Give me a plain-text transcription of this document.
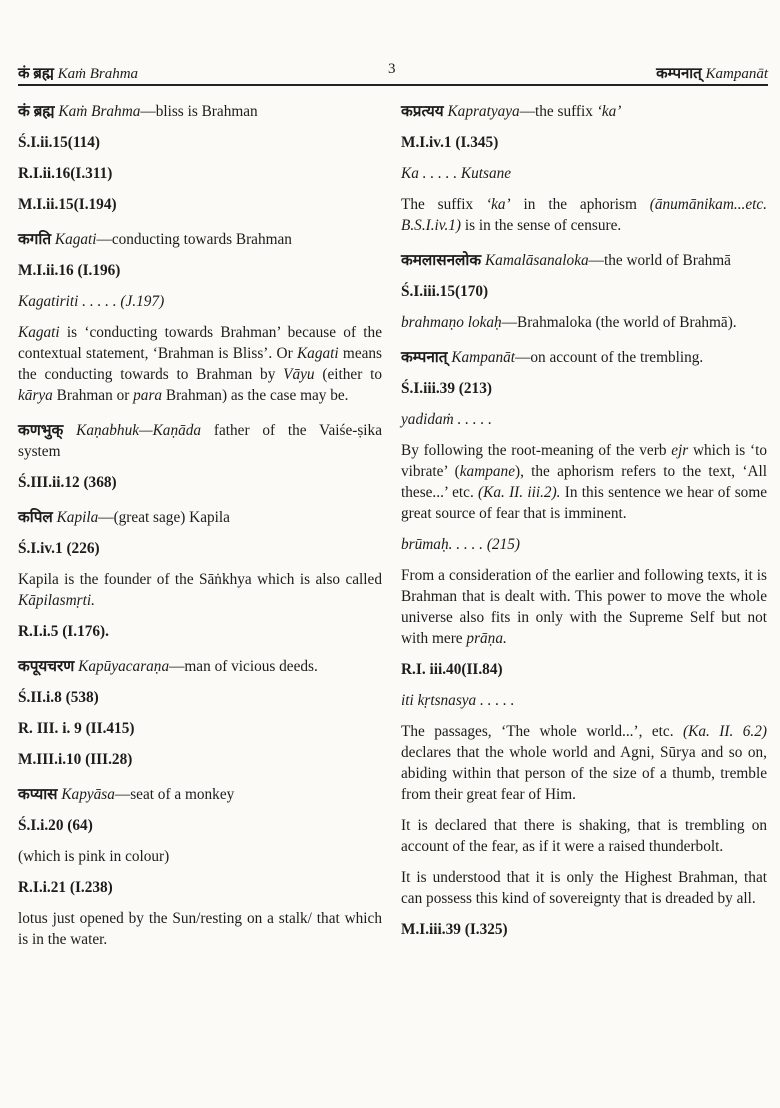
कं ब्रह्म Kaṁ Brahma	3	कम्पनात् Kampanāt

कं ब्रह्म Kaṁ Brahma—bliss is Brahman

Ś.I.ii.15(114)

R.I.ii.16(I.311)

M.I.ii.15(I.194)

कगति Kagati—conducting towards Brahman

M.I.ii.16 (I.196)

Kagatiriti . . . . . (J.197)

Kagati is ‘conducting towards Brahman’ because of the contextual statement, ‘Brahman is Bliss’. Or Kagati means the conducting towards to Brahman by Vāyu (either to kārya Brahman or para Brahman) as the case may be.

कणभुक् Kaṇabhuk—Kaṇāda father of the Vaiśe-ṣika system

Ś.III.ii.12 (368)

कपिल Kapila—(great sage) Kapila

Ś.I.iv.1 (226)

Kapila is the founder of the Sāṅkhya which is also called Kāpilasmṛti.

R.I.i.5 (I.176).

कपूयचरण Kapūyacaraṇa—man of vicious deeds.

Ś.II.i.8 (538)

R. III. i. 9 (II.415)

M.III.i.10 (III.28)

कप्यास Kapyāsa—seat of a monkey

Ś.I.i.20 (64)

(which is pink in colour)

R.I.i.21 (I.238)

lotus just opened by the Sun/resting on a stalk/ that which is in the water.

कप्रत्यय Kapratyaya—the suffix ‘ka’

M.I.iv.1 (I.345)

Ka . . . . . Kutsane

The suffix ‘ka’ in the aphorism (ānumānikam...etc. B.S.I.iv.1) is in the sense of censure.

कमलासनलोक Kamalāsanaloka—the world of Brahmā

Ś.I.iii.15(170)

brahmaṇo lokaḥ—Brahmaloka (the world of Brahmā).

कम्पनात् Kampanāt—on account of the trembling.

Ś.I.iii.39 (213)

yadidaṁ . . . . .

By following the root-meaning of the verb ejr which is ‘to vibrate’ (kampane), the aphorism refers to the text, ‘All these...’ etc. (Ka. II. iii.2). In this sentence we hear of some great source of fear that is imminent.

brūmaḥ. . . . . (215)

From a consideration of the earlier and following texts, it is Brahman that is dealt with. This power to move the whole universe also fits in only with the Supreme Self but not with mere prāṇa.

R.I. iii.40(II.84)

iti kṛtsnasya . . . . .

The passages, ‘The whole world...’, etc. (Ka. II. 6.2) declares that the whole world and Agni, Sūrya and so on, abiding within that person of the size of a thumb, tremble from their great fear of Him.

It is declared that there is shaking, that is trembling on account of the fear, as if it were a raised thunderbolt.

It is understood that it is only the Highest Brahman, that can possess this kind of sovereignty that is dreaded by all.

M.I.iii.39 (I.325)
